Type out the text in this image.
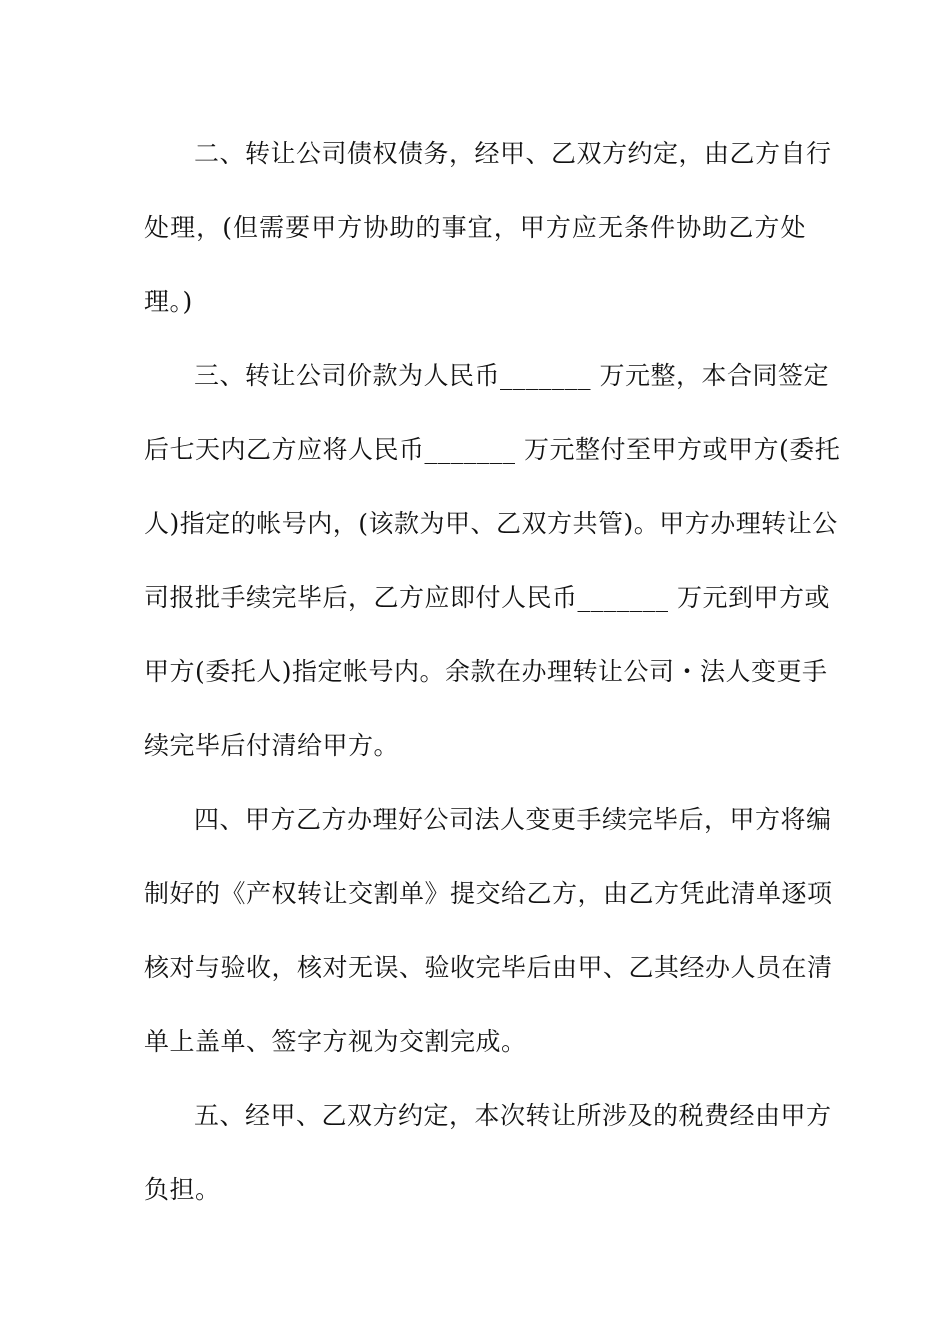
二、转让公司债权债务，经甲、乙双方约定，由乙方自行
处理，(但需要甲方协助的事宜，甲方应无条件协助乙方处
理。)
三、转让公司价款为人民币_______ 万元整，本合同签定
后七天内乙方应将人民币_______ 万元整付至甲方或甲方(委托
人)指定的帐号内，(该款为甲、乙双方共管)。甲方办理转让公
司报批手续完毕后，乙方应即付人民币_______ 万元到甲方或
甲方(委托人)指定帐号内。余款在办理转让公司・法人变更手
续完毕后付清给甲方。
四、甲方乙方办理好公司法人变更手续完毕后，甲方将编
制好的《产权转让交割单》提交给乙方，由乙方凭此清单逐项
核对与验收，核对无误、验收完毕后由甲、乙其经办人员在清
单上盖单、签字方视为交割完成。
五、经甲、乙双方约定，本次转让所涉及的税费经由甲方
负担。
